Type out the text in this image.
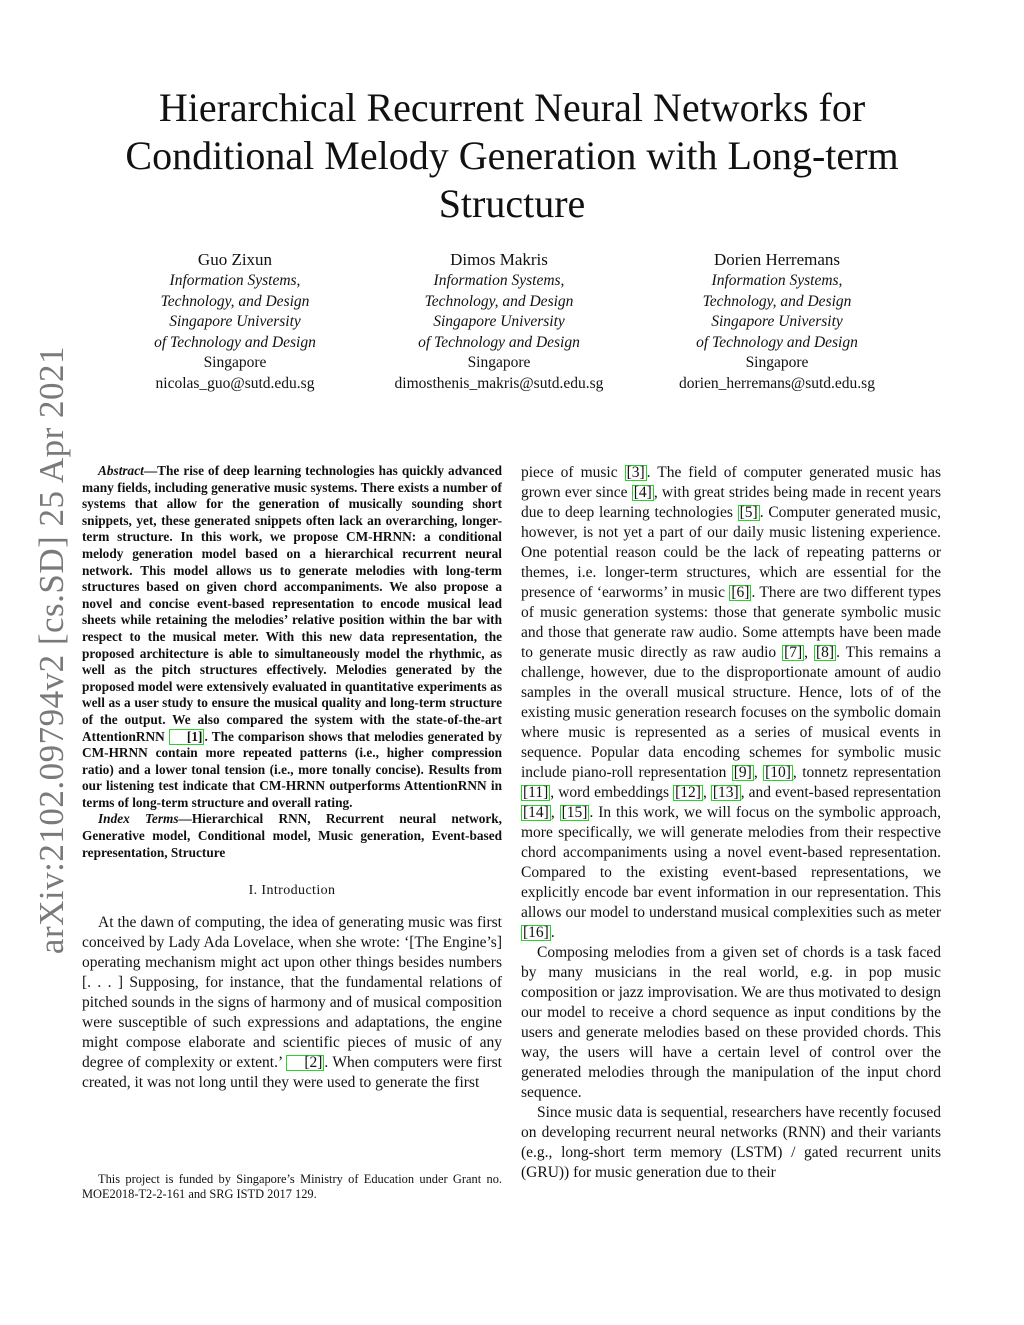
arXiv:2102.09794v2 [cs.SD] 25 Apr 2021
Hierarchical Recurrent Neural Networks for
Conditional Melody Generation with Long-term
Structure
Guo Zixun
Information Systems,
Technology, and Design
Singapore University
of Technology and Design
Singapore
nicolas_guo@sutd.edu.sg
Dimos Makris
Information Systems,
Technology, and Design
Singapore University
of Technology and Design
Singapore
dimosthenis_makris@sutd.edu.sg
Dorien Herremans
Information Systems,
Technology, and Design
Singapore University
of Technology and Design
Singapore
dorien_herremans@sutd.edu.sg

Abstract—The rise of deep learning technologies has quickly advanced many fields, including generative music systems. There exists a number of systems that allow for the generation of musically sounding short snippets, yet, these generated snippets often lack an overarching, longer-term structure. In this work, we propose CM-HRNN: a conditional melody generation model based on a hierarchical recurrent neural network. This model allows us to generate melodies with long-term structures based on given chord accompaniments. We also propose a novel and concise event-based representation to encode musical lead sheets while retaining the melodies’ relative position within the bar with respect to the musical meter. With this new data representation, the proposed architecture is able to simultaneously model the rhythmic, as well as the pitch structures effectively. Melodies generated by the proposed model were extensively evaluated in quantitative experiments as well as a user study to ensure the musical quality and long-term structure of the output. We also compared the system with the state-of-the-art AttentionRNN [1] . The comparison shows that melodies generated by CM-HRNN contain more repeated patterns (i.e., higher compression ratio) and a lower tonal tension (i.e., more tonally concise). Results from our listening test indicate that CM-HRNN outperforms AttentionRNN in terms of long-term structure and overall rating.

Index Terms—Hierarchical RNN, Recurrent neural network, Generative model, Conditional model, Music generation, Event-based representation, Structure

I. Introduction

At the dawn of computing, the idea of generating music was first conceived by Lady Ada Lovelace, when she wrote: ‘[The Engine’s] operating mechanism might act upon other things besides numbers [. . . ] Supposing, for instance, that the fundamental relations of pitched sounds in the signs of harmony and of musical composition were susceptible of such expressions and adaptations, the engine might compose elaborate and scientific pieces of music of any degree of complexity or extent.’ [2] . When computers were first created, it was not long until they were used to generate the first

This project is funded by Singapore’s Ministry of Education under Grant no. MOE2018-T2-2-161 and SRG ISTD 2017 129.

piece of music [3] . The field of computer generated music has grown ever since [4] , with great strides being made in recent years due to deep learning technologies [5] . Computer generated music, however, is not yet a part of our daily music listening experience. One potential reason could be the lack of repeating patterns or themes, i.e. longer-term structures, which are essential for the presence of ‘earworms’ in music [6] . There are two different types of music generation systems: those that generate symbolic music and those that generate raw audio. Some attempts have been made to generate music directly as raw audio [7] , [8] . This remains a challenge, however, due to the disproportionate amount of audio samples in the overall musical structure. Hence, lots of of the existing music generation research focuses on the symbolic domain where music is represented as a series of musical events in sequence. Popular data encoding schemes for symbolic music include piano-roll representation [9] , [10] , tonnetz representation [11] , word embeddings [12] , [13] , and event-based representation [14] , [15] . In this work, we will focus on the symbolic approach, more specifically, we will generate melodies from their respective chord accompaniments using a novel event-based representation. Compared to the existing event-based representations, we explicitly encode bar event information in our representation. This allows our model to understand musical complexities such as meter [16] .

Composing melodies from a given set of chords is a task faced by many musicians in the real world, e.g. in pop music composition or jazz improvisation. We are thus motivated to design our model to receive a chord sequence as input conditions by the users and generate melodies based on these provided chords. This way, the users will have a certain level of control over the generated melodies through the manipulation of the input chord sequence.

Since music data is sequential, researchers have recently focused on developing recurrent neural networks (RNN) and their variants (e.g., long-short term memory (LSTM) / gated recurrent units (GRU)) for music generation due to their
